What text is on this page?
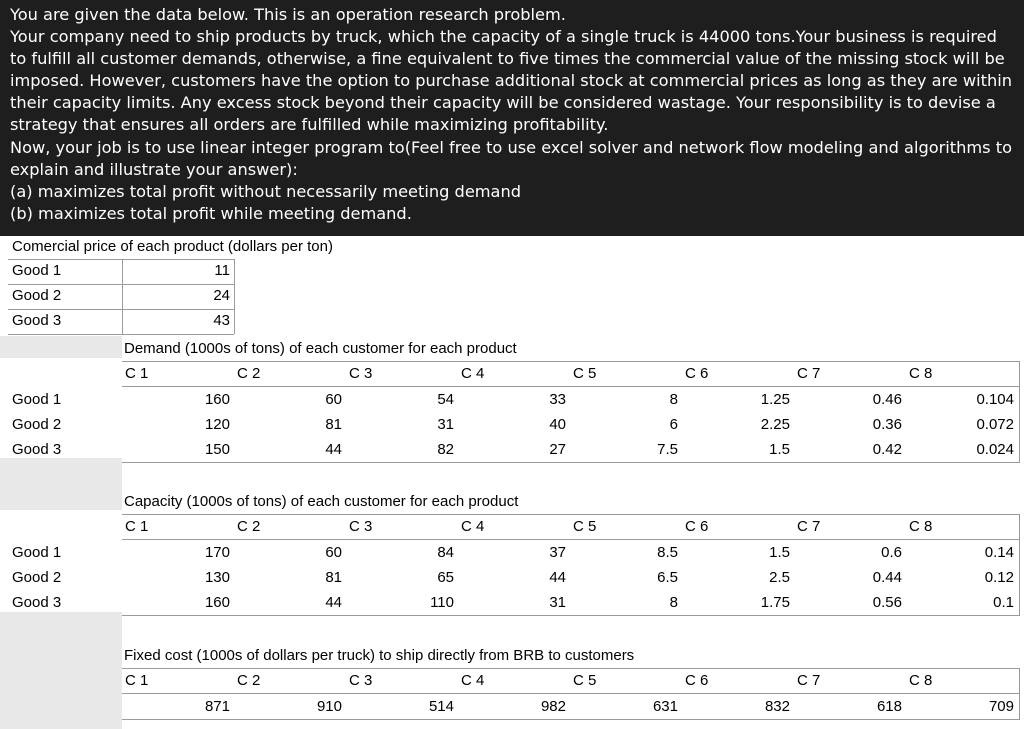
You are given the data below. This is an operation research problem.
Your company need to ship products by truck, which the capacity of a single truck is 44000 tons.Your business is required
to fulfill all customer demands, otherwise, a fine equivalent to five times the commercial value of the missing stock will be
imposed. However, customers have the option to purchase additional stock at commercial prices as long as they are within
their capacity limits. Any excess stock beyond their capacity will be considered wastage. Your responsibility is to devise a
strategy that ensures all orders are fulfilled while maximizing profitability.
Now, your job is to use linear integer program to(Feel free to use excel solver and network flow modeling and algorithms to
explain and illustrate your answer):
(a) maximizes total profit without necessarily meeting demand
(b) maximizes total profit while meeting demand.
Comercial price of each product (dollars per ton)
Good 1	11
Good 2	24
Good 3	43
Demand (1000s of tons) of each customer for each product
C 1	C 2	C 3	C 4	C 5	C 6	C 7	C 8
Good 1	160	60	54	33	8	1.25	0.46	0.104
Good 2	120	81	31	40	6	2.25	0.36	0.072
Good 3	150	44	82	27	7.5	1.5	0.42	0.024
Capacity (1000s of tons) of each customer for each product
C 1	C 2	C 3	C 4	C 5	C 6	C 7	C 8
Good 1	170	60	84	37	8.5	1.5	0.6	0.14
Good 2	130	81	65	44	6.5	2.5	0.44	0.12
Good 3	160	44	110	31	8	1.75	0.56	0.1
Fixed cost (1000s of dollars per truck) to ship directly from BRB to customers
C 1	C 2	C 3	C 4	C 5	C 6	C 7	C 8
871	910	514	982	631	832	618	709
